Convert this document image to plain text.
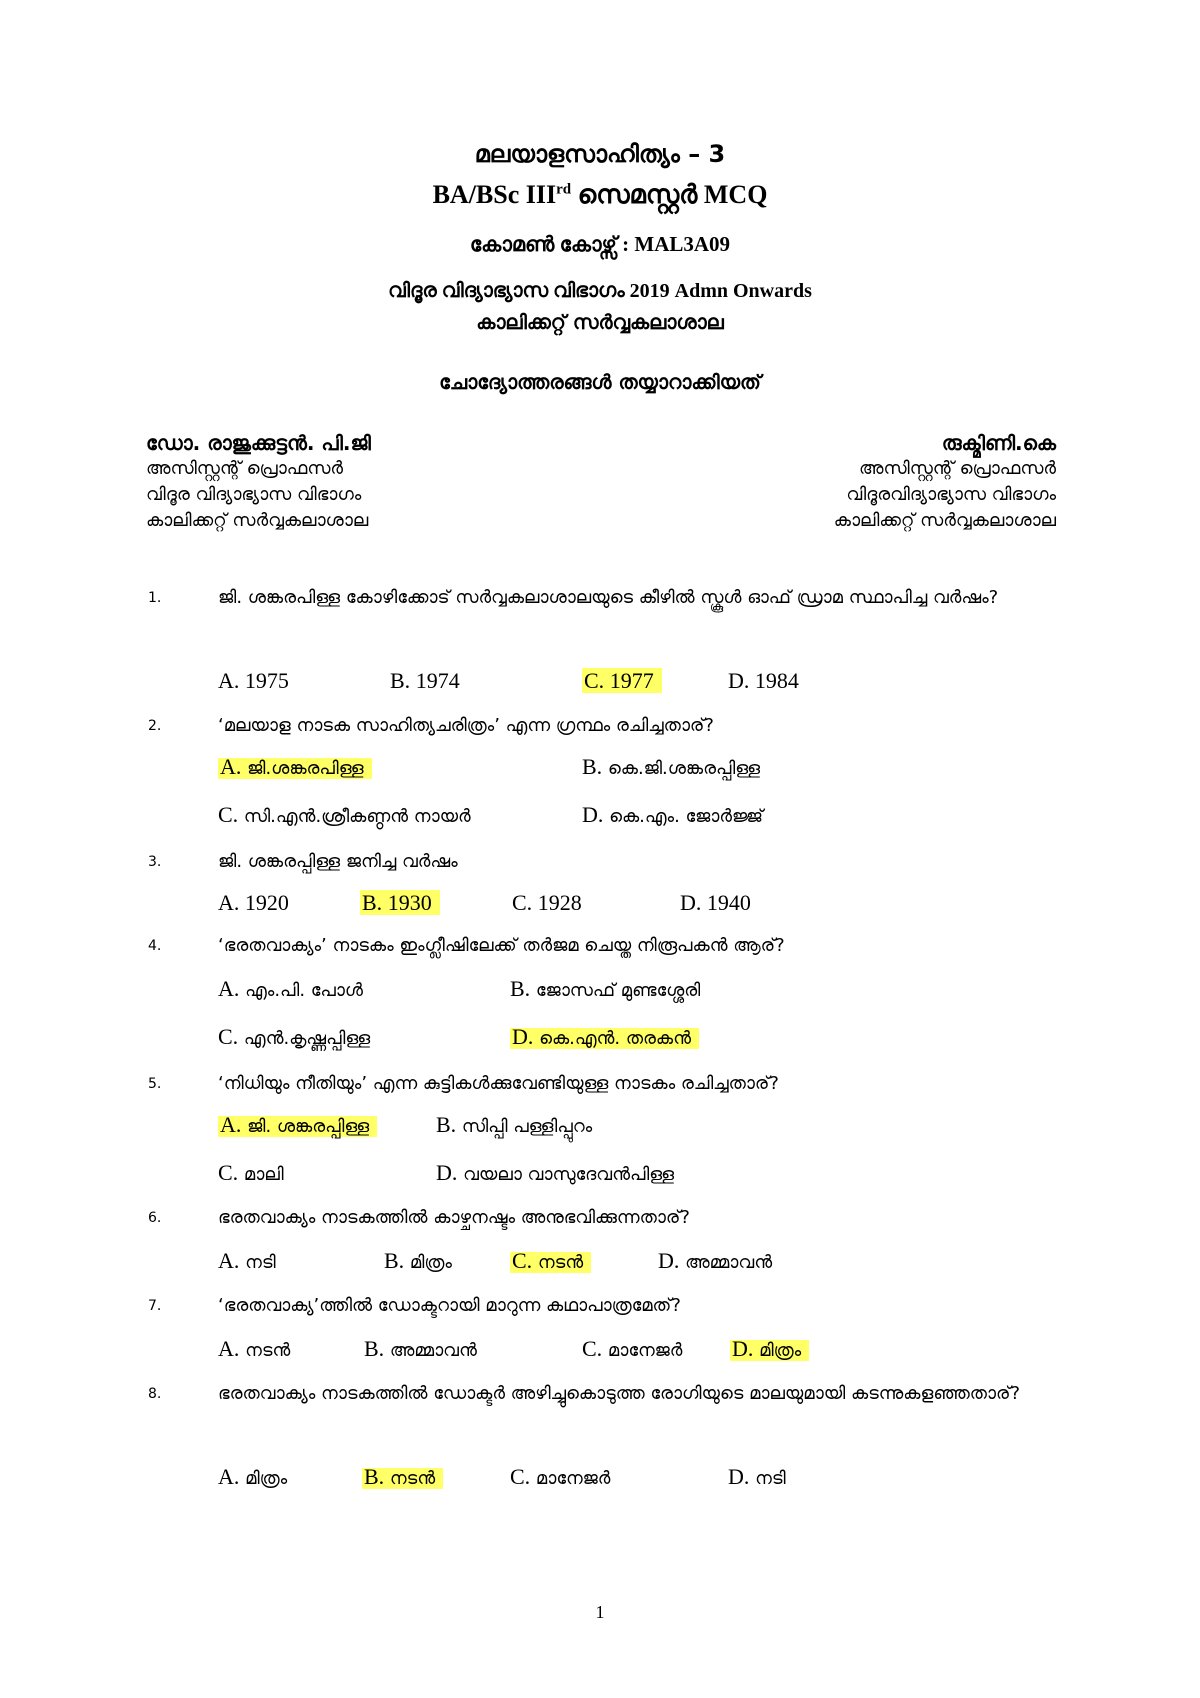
മലയാളസാഹിത്യം – 3
BA/BSc IIIrd സെമസ്റ്റർ MCQ
കോമൺ കോഴ്സ് : MAL3A09
വിദൂര വിദ്യാഭ്യാസ വിഭാഗം 2019 Admn Onwards
കാലിക്കറ്റ് സർവ്വകലാശാല
ചോദ്യോത്തരങ്ങൾ തയ്യാറാക്കിയത്
ഡോ. രാജുക്കുട്ടൻ. പി.ജി
അസിസ്റ്റന്റ് പ്രൊഫസർ
വിദൂര വിദ്യാഭ്യാസ വിഭാഗം
കാലിക്കറ്റ് സർവ്വകലാശാല
രുക്മിണി.കെ
അസിസ്റ്റന്റ് പ്രൊഫസർ
വിദൂരവിദ്യാഭ്യാസ വിഭാഗം
കാലിക്കറ്റ് സർവ്വകലാശാല
1.	ജി. ശങ്കരപിള്ള കോഴിക്കോട് സർവ്വകലാശാലയുടെ കീഴിൽ സ്കൂൾ ഓഫ് ഡ്രാമ സ്ഥാപിച്ച വർഷം?
A. 1975	B. 1974	C. 1977	D. 1984
2.	‘മലയാള നാടക സാഹിത്യചരിത്രം’ എന്ന ഗ്രന്ഥം രചിച്ചതാര്?
A. ജി.ശങ്കരപിള്ള	B. കെ.ജി.ശങ്കരപ്പിള്ള
C. സി.എൻ.ശ്രീകണ്ഠൻ നായർ	D. കെ.എം. ജോർജ്ജ്
3.	ജി. ശങ്കരപ്പിള്ള ജനിച്ച വർഷം
A. 1920	B. 1930	C. 1928	D. 1940
4.	‘ഭരതവാക്യം’ നാടകം ഇംഗ്ലീഷിലേക്ക് തർജമ ചെയ്ത നിരൂപകൻ ആര്?
A. എം.പി. പോൾ	B. ജോസഫ് മുണ്ടശ്ശേരി
C. എൻ.കൃഷ്ണപ്പിള്ള	D. കെ.എൻ. തരകൻ
5.	‘നിധിയും നീതിയും’ എന്ന കുട്ടികൾക്കുവേണ്ടിയുള്ള നാടകം രചിച്ചതാര്?
A. ജി. ശങ്കരപ്പിള്ള	B. സിപ്പി പള്ളിപ്പുറം
C. മാലി	D. വയലാ വാസുദേവൻപിള്ള
6.	ഭരതവാക്യം നാടകത്തിൽ കാഴ്ചനഷ്ടം അനുഭവിക്കുന്നതാര്?
A. നടി	B. മിത്രം	C. നടൻ	D. അമ്മാവൻ
7.	‘ഭരതവാക്യ’ത്തിൽ ഡോക്ടറായി മാറുന്ന കഥാപാത്രമേത്?
A. നടൻ	B. അമ്മാവൻ	C. മാനേജർ D. മിത്രം
8.	ഭരതവാക്യം നാടകത്തിൽ ഡോക്ടർ അഴിച്ചുകൊടുത്ത രോഗിയുടെ മാലയുമായി കടന്നുകളഞ്ഞതാര്?
A. മിത്രം	B. നടൻ	C. മാനേജർ	D. നടി
1
